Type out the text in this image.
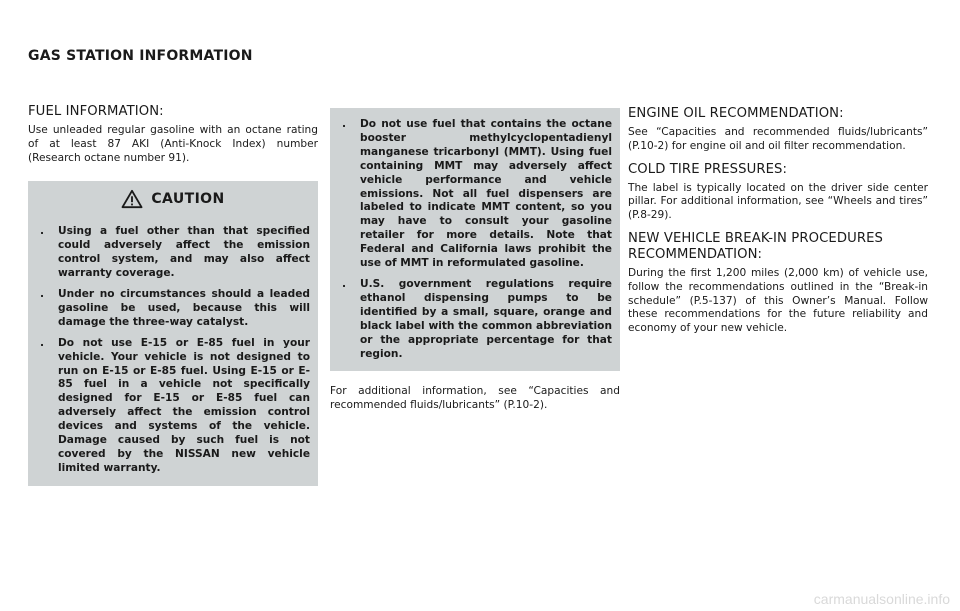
GAS STATION INFORMATION
FUEL INFORMATION:

Use unleaded regular gasoline with an octane rating of at least 87 AKI (Anti-Knock Index) number (Research octane number 91).

CAUTION
. Using a fuel other than that specified could adversely affect the emission control system, and may also affect warranty coverage.
. Under no circumstances should a leaded gasoline be used, because this will damage the three-way catalyst.
. Do not use E-15 or E-85 fuel in your vehicle. Your vehicle is not designed to run on E-15 or E-85 fuel. Using E-15 or E-85 fuel in a vehicle not specifically designed for E-15 or E-85 fuel can adversely affect the emission control devices and systems of the vehicle. Damage caused by such fuel is not covered by the NISSAN new vehicle limited warranty.
. Do not use fuel that contains the octane booster methylcyclopentadienyl manganese tricarbonyl (MMT). Using fuel containing MMT may adversely affect vehicle performance and vehicle emissions. Not all fuel dispensers are labeled to indicate MMT content, so you may have to consult your gasoline retailer for more details. Note that Federal and California laws prohibit the use of MMT in reformulated gasoline.
. U.S. government regulations require ethanol dispensing pumps to be identified by a small, square, orange and black label with the common abbreviation or the appropriate percentage for that region.

For additional information, see “Capacities and recommended fluids/lubricants” (P.10-2).

ENGINE OIL RECOMMENDATION:

See “Capacities and recommended fluids/lubricants” (P.10-2) for engine oil and oil filter recommendation.

COLD TIRE PRESSURES:

The label is typically located on the driver side center pillar. For additional information, see “Wheels and tires” (P.8-29).

NEW VEHICLE BREAK-IN PROCEDURES RECOMMENDATION:

During the first 1,200 miles (2,000 km) of vehicle use, follow the recommendations outlined in the “Break-in schedule” (P.5-137) of this Owner’s Manual. Follow these recommendations for the future reliability and economy of your new vehicle.

carmanualsonline.info
